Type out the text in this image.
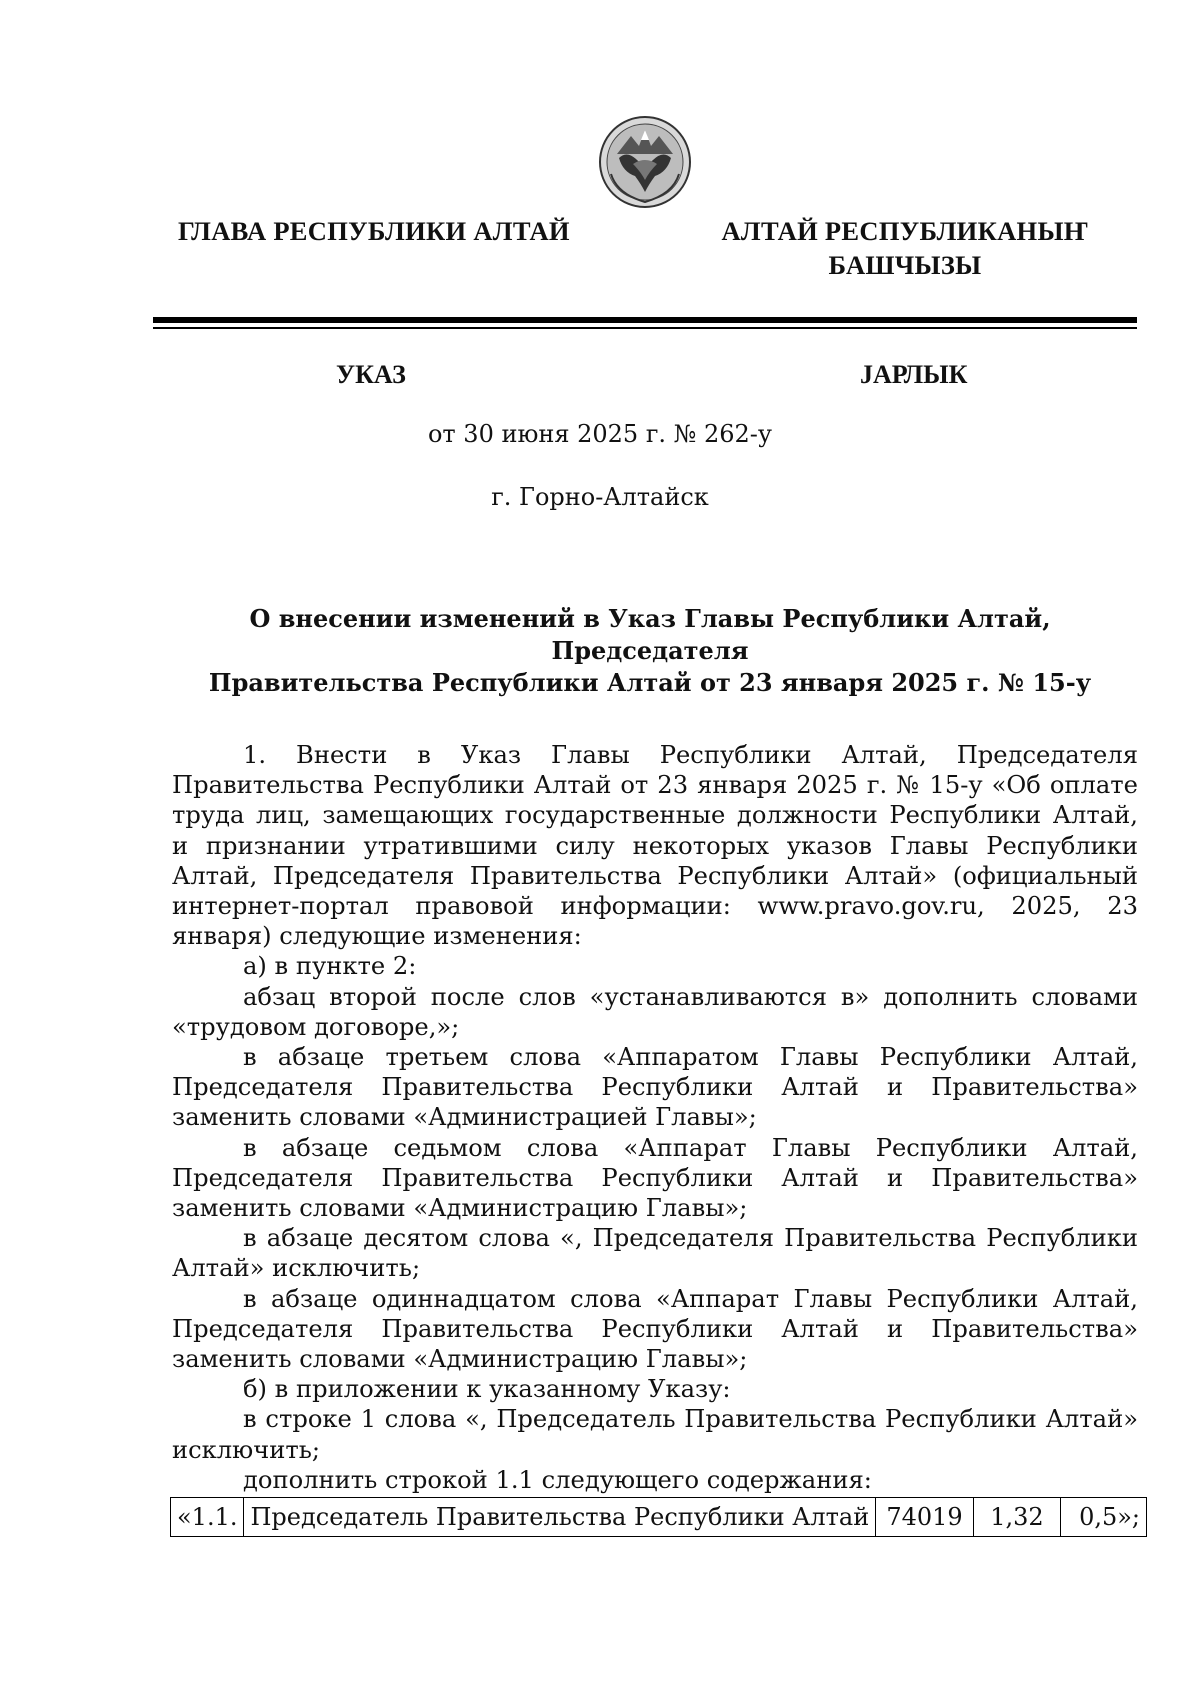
ГЛАВА РЕСПУБЛИКИ АЛТАЙ	АЛТАЙ РЕСПУБЛИКАНЫҤ
БАШЧЫЗЫ
УКАЗ	ЈАРЛЫК
от 30 июня 2025 г. № 262-у
г. Горно-Алтайск
О внесении изменений в Указ Главы Республики Алтай, Председателя
Правительства Республики Алтай от 23 января 2025 г. № 15-у

1. Внести в Указ Главы Республики Алтай, Председателя Правительства Республики Алтай от 23 января 2025 г. № 15-у «Об оплате труда лиц, замещающих государственные должности Республики Алтай, и признании утратившими силу некоторых указов Главы Республики Алтай, Председателя Правительства Республики Алтай» (официальный интернет-портал правовой информации: www.pravo.gov.ru, 2025, 23 января) следующие изменения:

а) в пункте 2:

абзац второй после слов «устанавливаются в» дополнить словами «трудовом договоре,»;

в абзаце третьем слова «Аппаратом Главы Республики Алтай, Председателя Правительства Республики Алтай и Правительства» заменить словами «Администрацией Главы»;

в абзаце седьмом слова «Аппарат Главы Республики Алтай, Председателя Правительства Республики Алтай и Правительства» заменить словами «Администрацию Главы»;

в абзаце десятом слова «, Председателя Правительства Республики Алтай» исключить;

в абзаце одиннадцатом слова «Аппарат Главы Республики Алтай, Председателя Правительства Республики Алтай и Правительства» заменить словами «Администрацию Главы»;

б) в приложении к указанному Указу:

в строке 1 слова «, Председатель Правительства Республики Алтай» исключить;

дополнить строкой 1.1 следующего содержания:

«1.1.	Председатель Правительства Республики Алтай	74019	1,32	0,5»;
